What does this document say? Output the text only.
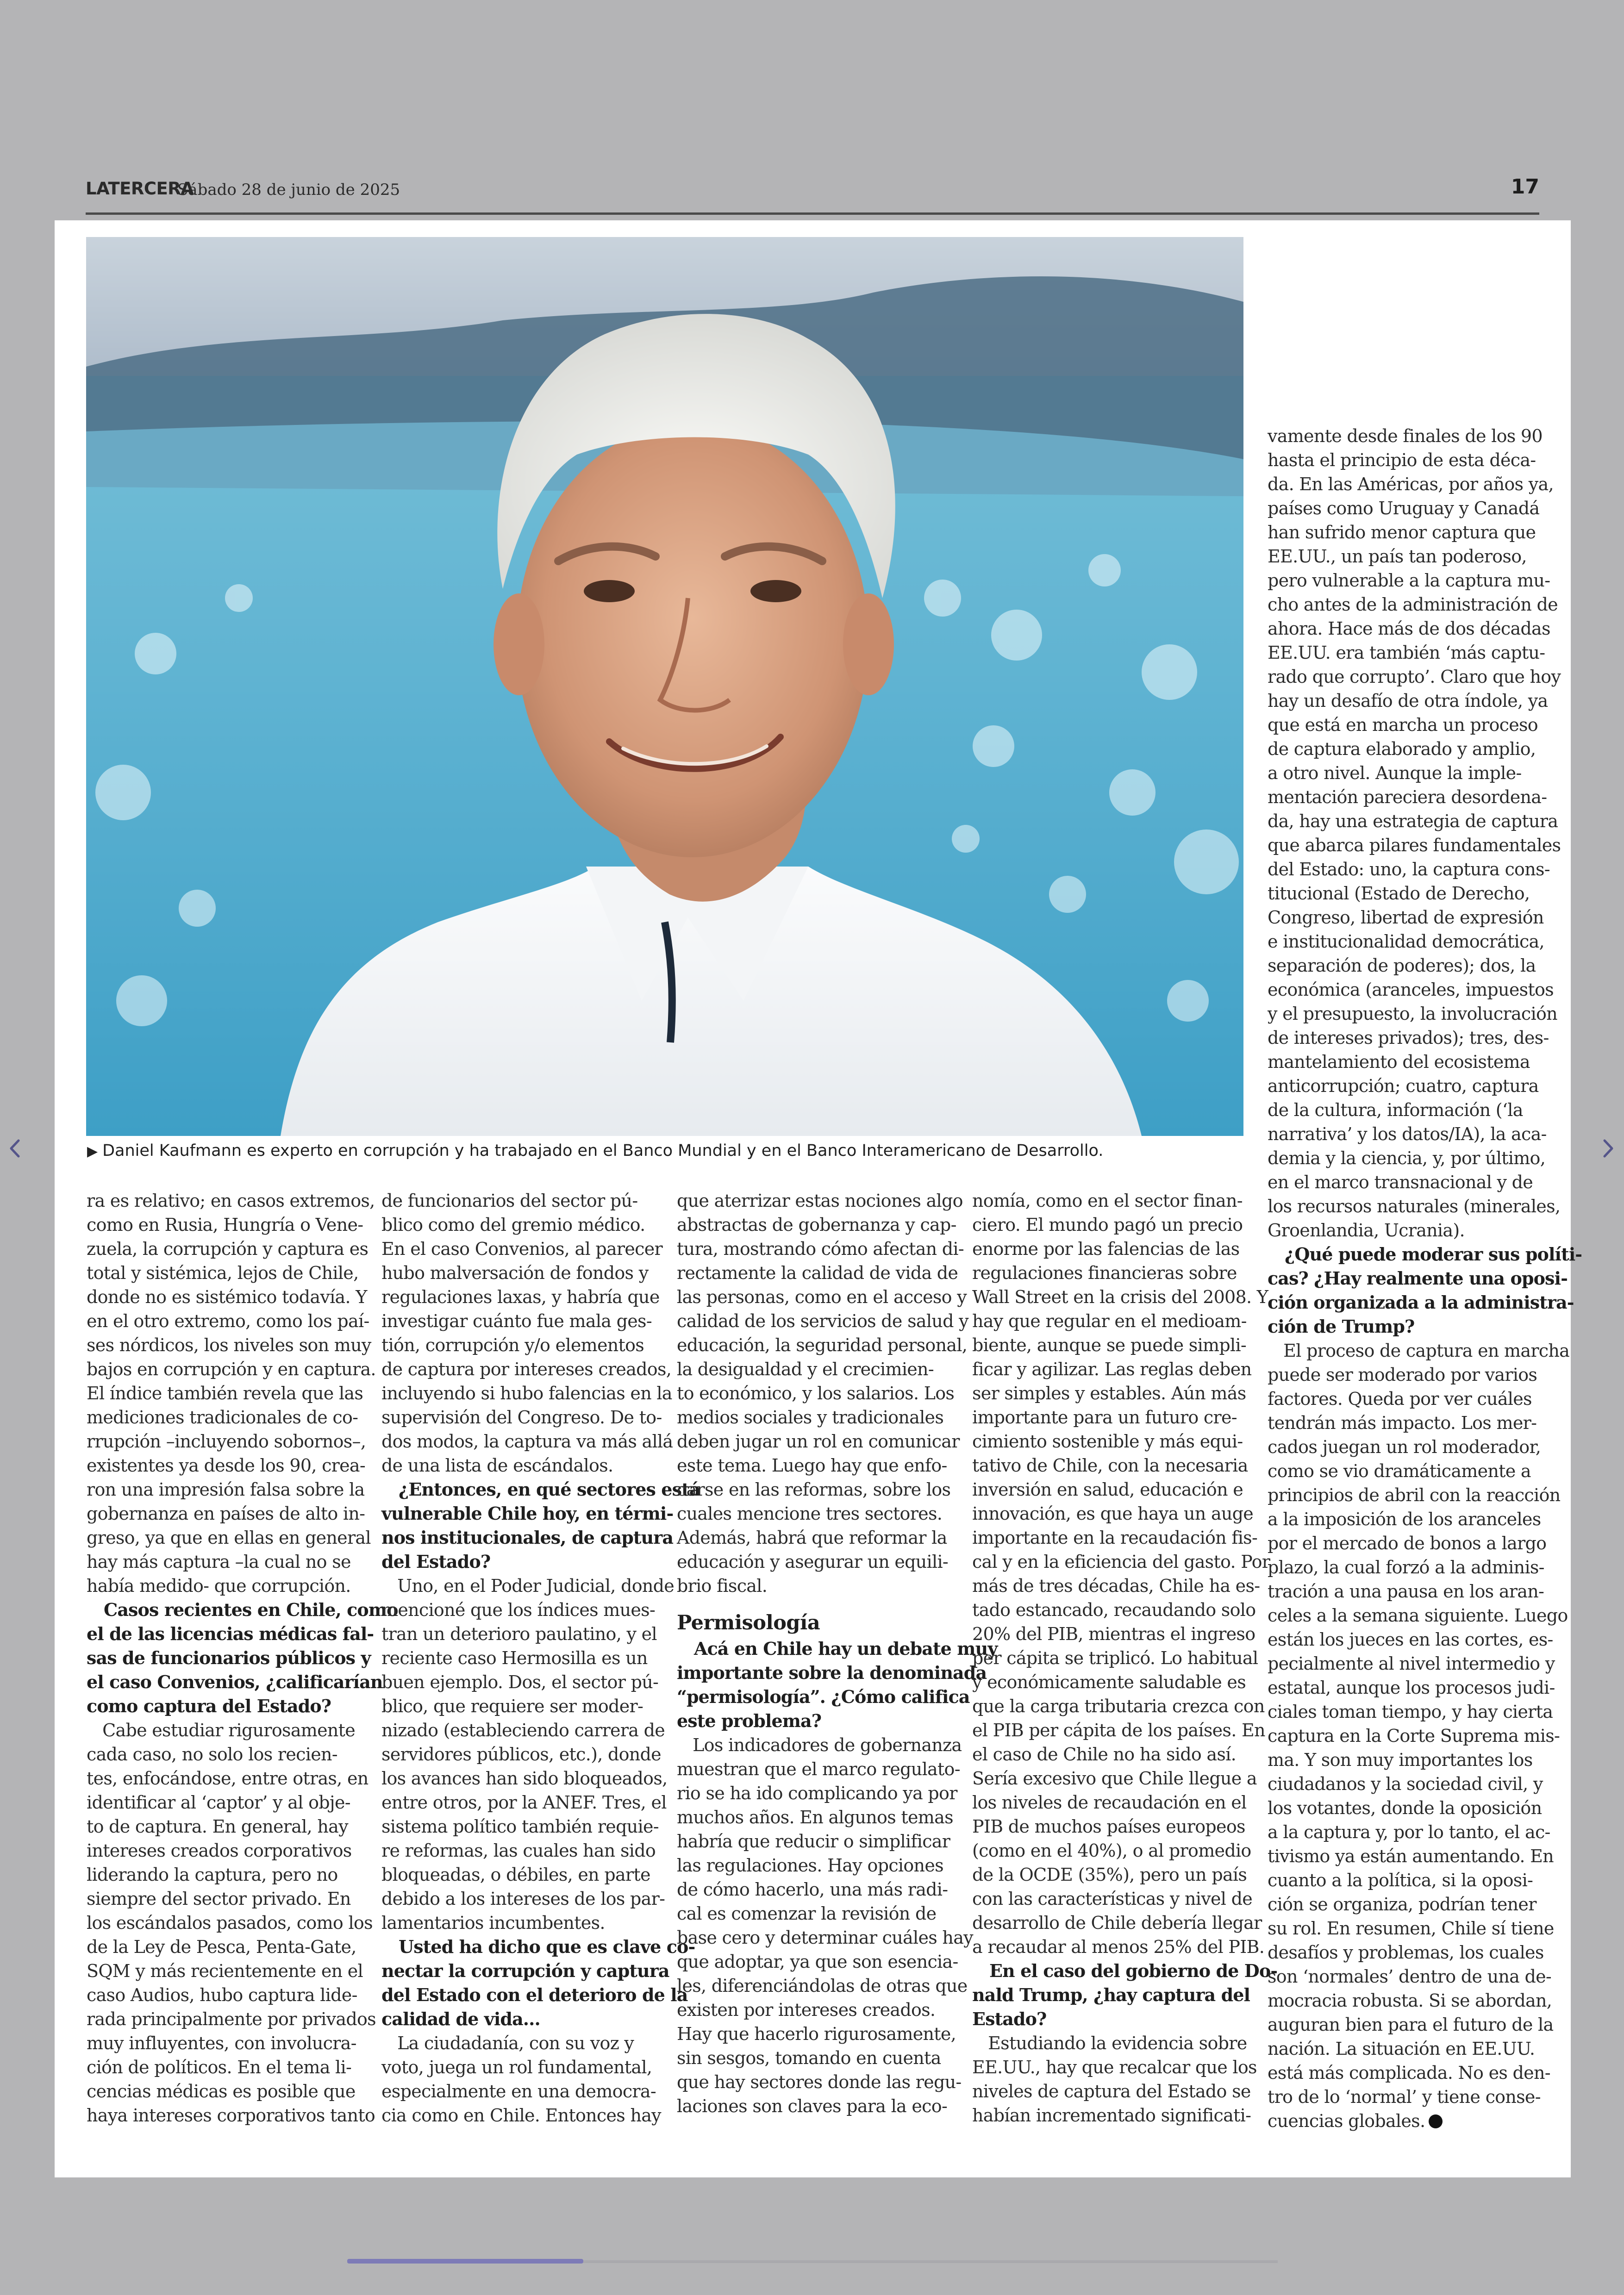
LATERCERA
Sábado 28 de junio de 2025	17
▶ Daniel Kaufmann es experto en corrupción y ha trabajado en el Banco Mundial y en el Banco Interamericano de Desarrollo.
ra es relativo; en casos extremos,
como en Rusia, Hungría o Vene-
zuela, la corrupción y captura es
total y sistémica, lejos de Chile,
donde no es sistémico todavía. Y
en el otro extremo, como los paí-
ses nórdicos, los niveles son muy
bajos en corrupción y en captura.
El índice también revela que las
mediciones tradicionales de co-
rrupción –incluyendo sobornos–,
existentes ya desde los 90, crea-
ron una impresión falsa sobre la
gobernanza en países de alto in-
greso, ya que en ellas en general
hay más captura –la cual no se
había medido- que corrupción.
Casos recientes en Chile, como
el de las licencias médicas fal-
sas de funcionarios públicos y
el caso Convenios, ¿calificarían
como captura del Estado?
Cabe estudiar rigurosamente
cada caso, no solo los recien-
tes, enfocándose, entre otras, en
identificar al ‘captor’ y al obje-
to de captura. En general, hay
intereses creados corporativos
liderando la captura, pero no
siempre del sector privado. En
los escándalos pasados, como los
de la Ley de Pesca, Penta-Gate,
SQM y más recientemente en el
caso Audios, hubo captura lide-
rada principalmente por privados
muy influyentes, con involucra-
ción de políticos. En el tema li-
cencias médicas es posible que
haya intereses corporativos tanto
de funcionarios del sector pú-
blico como del gremio médico.
En el caso Convenios, al parecer
hubo malversación de fondos y
regulaciones laxas, y habría que
investigar cuánto fue mala ges-
tión, corrupción y/o elementos
de captura por intereses creados,
incluyendo si hubo falencias en la
supervisión del Congreso. De to-
dos modos, la captura va más allá
de una lista de escándalos.
¿Entonces, en qué sectores está
vulnerable Chile hoy, en térmi-
nos institucionales, de captura
del Estado?
Uno, en el Poder Judicial, donde
mencioné que los índices mues-
tran un deterioro paulatino, y el
reciente caso Hermosilla es un
buen ejemplo. Dos, el sector pú-
blico, que requiere ser moder-
nizado (estableciendo carrera de
servidores públicos, etc.), donde
los avances han sido bloqueados,
entre otros, por la ANEF. Tres, el
sistema político también requie-
re reformas, las cuales han sido
bloqueadas, o débiles, en parte
debido a los intereses de los par-
lamentarios incumbentes.
Usted ha dicho que es clave co-
nectar la corrupción y captura
del Estado con el deterioro de la
calidad de vida...
La ciudadanía, con su voz y
voto, juega un rol fundamental,
especialmente en una democra-
cia como en Chile. Entonces hay
que aterrizar estas nociones algo
abstractas de gobernanza y cap-
tura, mostrando cómo afectan di-
rectamente la calidad de vida de
las personas, como en el acceso y
calidad de los servicios de salud y
educación, la seguridad personal,
la desigualdad y el crecimien-
to económico, y los salarios. Los
medios sociales y tradicionales
deben jugar un rol en comunicar
este tema. Luego hay que enfo-
carse en las reformas, sobre los
cuales mencione tres sectores.
Además, habrá que reformar la
educación y asegurar un equili-
brio fiscal.
Permisología
Acá en Chile hay un debate muy
importante sobre la denominada
“permisología”. ¿Cómo califica
este problema?
Los indicadores de gobernanza
muestran que el marco regulato-
rio se ha ido complicando ya por
muchos años. En algunos temas
habría que reducir o simplificar
las regulaciones. Hay opciones
de cómo hacerlo, una más radi-
cal es comenzar la revisión de
base cero y determinar cuáles hay
que adoptar, ya que son esencia-
les, diferenciándolas de otras que
existen por intereses creados.
Hay que hacerlo rigurosamente,
sin sesgos, tomando en cuenta
que hay sectores donde las regu-
laciones son claves para la eco-
nomía, como en el sector finan-
ciero. El mundo pagó un precio
enorme por las falencias de las
regulaciones financieras sobre
Wall Street en la crisis del 2008. Y
hay que regular en el medioam-
biente, aunque se puede simpli-
ficar y agilizar. Las reglas deben
ser simples y estables. Aún más
importante para un futuro cre-
cimiento sostenible y más equi-
tativo de Chile, con la necesaria
inversión en salud, educación e
innovación, es que haya un auge
importante en la recaudación fis-
cal y en la eficiencia del gasto. Por
más de tres décadas, Chile ha es-
tado estancado, recaudando solo
20% del PIB, mientras el ingreso
per cápita se triplicó. Lo habitual
y económicamente saludable es
que la carga tributaria crezca con
el PIB per cápita de los países. En
el caso de Chile no ha sido así.
Sería excesivo que Chile llegue a
los niveles de recaudación en el
PIB de muchos países europeos
(como en el 40%), o al promedio
de la OCDE (35%), pero un país
con las características y nivel de
desarrollo de Chile debería llegar
a recaudar al menos 25% del PIB.
En el caso del gobierno de Do-
nald Trump, ¿hay captura del
Estado?
Estudiando la evidencia sobre
EE.UU., hay que recalcar que los
niveles de captura del Estado se
habían incrementado significati-
vamente desde finales de los 90
hasta el principio de esta déca-
da. En las Américas, por años ya,
países como Uruguay y Canadá
han sufrido menor captura que
EE.UU., un país tan poderoso,
pero vulnerable a la captura mu-
cho antes de la administración de
ahora. Hace más de dos décadas
EE.UU. era también ‘más captu-
rado que corrupto’. Claro que hoy
hay un desafío de otra índole, ya
que está en marcha un proceso
de captura elaborado y amplio,
a otro nivel. Aunque la imple-
mentación pareciera desordena-
da, hay una estrategia de captura
que abarca pilares fundamentales
del Estado: uno, la captura cons-
titucional (Estado de Derecho,
Congreso, libertad de expresión
e institucionalidad democrática,
separación de poderes); dos, la
económica (aranceles, impuestos
y el presupuesto, la involucración
de intereses privados); tres, des-
mantelamiento del ecosistema
anticorrupción; cuatro, captura
de la cultura, información (‘la
narrativa’ y los datos/IA), la aca-
demia y la ciencia, y, por último,
en el marco transnacional y de
los recursos naturales (minerales,
Groenlandia, Ucrania).
¿Qué puede moderar sus políti-
cas? ¿Hay realmente una oposi-
ción organizada a la administra-
ción de Trump?
El proceso de captura en marcha
puede ser moderado por varios
factores. Queda por ver cuáles
tendrán más impacto. Los mer-
cados juegan un rol moderador,
como se vio dramáticamente a
principios de abril con la reacción
a la imposición de los aranceles
por el mercado de bonos a largo
plazo, la cual forzó a la adminis-
tración a una pausa en los aran-
celes a la semana siguiente. Luego
están los jueces en las cortes, es-
pecialmente al nivel intermedio y
estatal, aunque los procesos judi-
ciales toman tiempo, y hay cierta
captura en la Corte Suprema mis-
ma. Y son muy importantes los
ciudadanos y la sociedad civil, y
los votantes, donde la oposición
a la captura y, por lo tanto, el ac-
tivismo ya están aumentando. En
cuanto a la política, si la oposi-
ción se organiza, podrían tener
su rol. En resumen, Chile sí tiene
desafíos y problemas, los cuales
son ‘normales’ dentro de una de-
mocracia robusta. Si se abordan,
auguran bien para el futuro de la
nación. La situación en EE.UU.
está más complicada. No es den-
tro de lo ‘normal’ y tiene conse-
cuencias globales.
